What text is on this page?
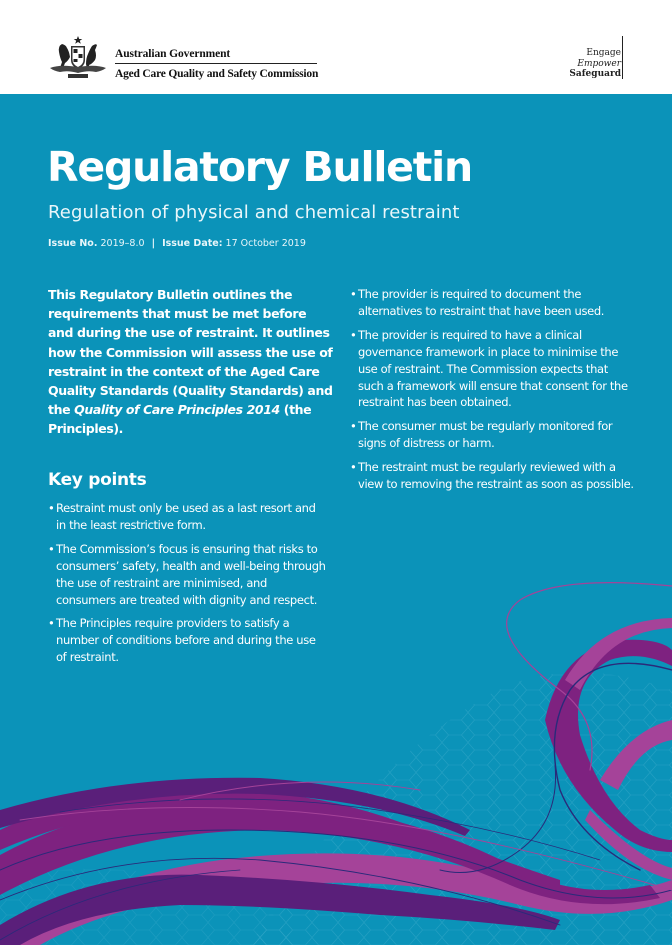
Australian Government
Aged Care Quality and Safety Commission
Engage
Empower
Safeguard
Regulatory Bulletin
Regulation of physical and chemical restraint
Issue No. 2019–8.0 | Issue Date: 17 October 2019
This Regulatory Bulletin outlines the requirements that must be met before and during the use of restraint. It outlines how the Commission will assess the use of restraint in the context of the Aged Care Quality Standards (Quality Standards) and the Quality of Care Principles 2014 (the Principles).
Key points
• Restraint must only be used as a last resort and in the least restrictive form.
• The Commission’s focus is ensuring that risks to consumers’ safety, health and well-being through the use of restraint are minimised, and consumers are treated with dignity and respect.
• The Principles require providers to satisfy a number of conditions before and during the use of restraint.
• The provider is required to document the alternatives to restraint that have been used.
• The provider is required to have a clinical governance framework in place to minimise the use of restraint. The Commission expects that such a framework will ensure that consent for the restraint has been obtained.
• The consumer must be regularly monitored for signs of distress or harm.
• The restraint must be regularly reviewed with a view to removing the restraint as soon as possible.
